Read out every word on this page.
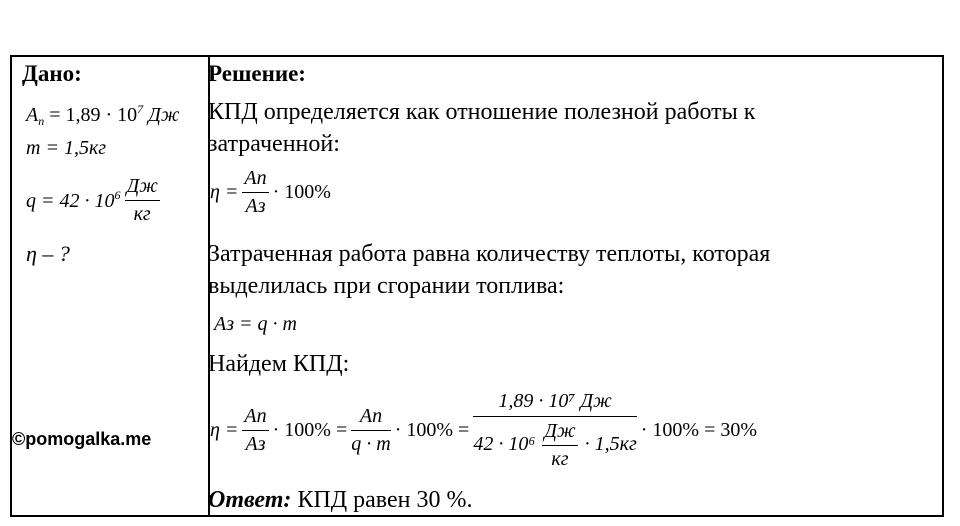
Дано:
$A_п = 1,89 \cdot 10^7$ Дж
m = 1,5кг
$q = 42 \cdot 10^6 \frac{Дж}{кг}$
η – ?
Решение:
КПД определяется как отношение полезной работы к
затраченной:
$\eta = \frac{Aп}{Aз} \cdot 100\%$
Затраченная работа равна количеству теплоты, которая
выделилась при сгорании топлива:
Aз = q · m
Найдем КПД:
$\eta = \frac{Aп}{Aз} \cdot 100\% = \frac{Aп}{q \cdot m} \cdot 100\%$ =
1,89 · 10⁷ Дж
$42 \cdot 10^6 \frac{Дж}{кг} \cdot 1,5кг$
· 100% = 30%
Ответ: КПД равен 30 %.
©pomogalka.me
